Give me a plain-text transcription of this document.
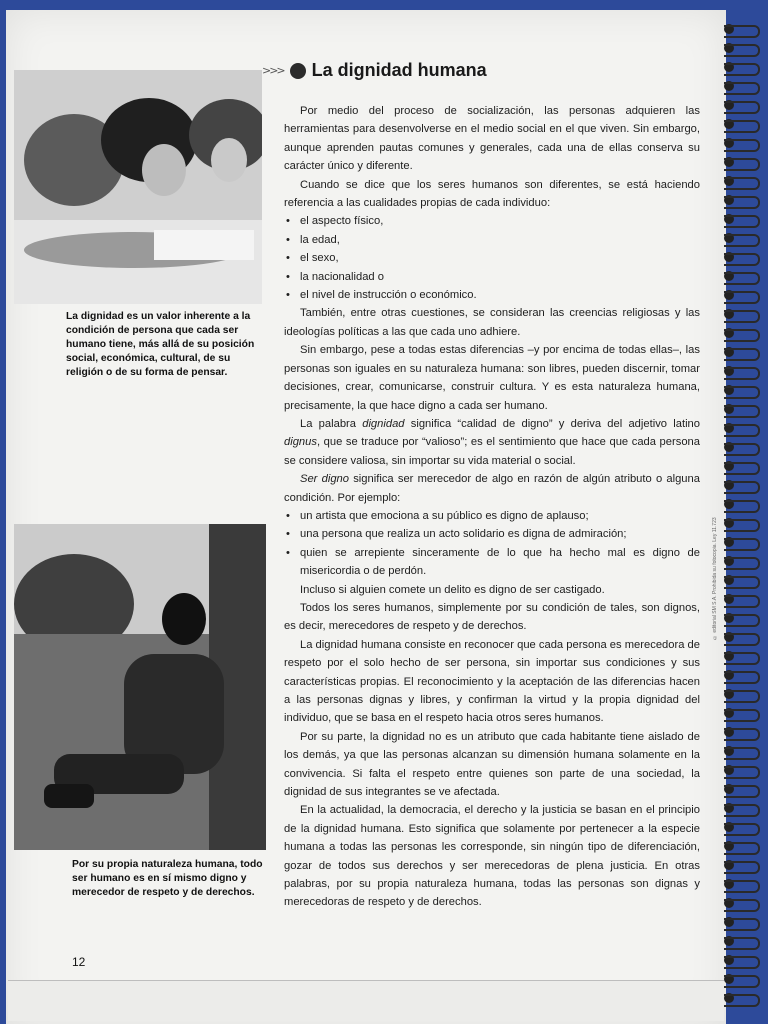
La dignidad es un valor inherente a la condición de persona que cada ser humano tiene, más allá de su posición social, económica, cultural, de su religión o de su forma de pensar.
Por su propia naturaleza humana, todo ser humano es en sí mismo digno y merecedor de respeto y de derechos.
>>> La dignidad humana

Por medio del proceso de socialización, las personas adquieren las herramientas para desenvolverse en el medio social en el que viven. Sin embargo, aunque aprenden pautas comunes y generales, cada una de ellas conserva su carácter único y diferente.

Cuando se dice que los seres humanos son diferentes, se está haciendo referencia a las cualidades propias de cada individuo:

• el aspecto físico,
• la edad,
• el sexo,
• la nacionalidad o
• el nivel de instrucción o económico.

También, entre otras cuestiones, se consideran las creencias religiosas y las ideologías políticas a las que cada uno adhiere.

Sin embargo, pese a todas estas diferencias –y por encima de todas ellas–, las personas son iguales en su naturaleza humana: son libres, pueden discernir, tomar decisiones, crear, comunicarse, construir cultura. Y es esta naturaleza humana, precisamente, la que hace digno a cada ser humano.

La palabra dignidad significa “calidad de digno” y deriva del adjetivo latino dignus, que se traduce por “valioso”; es el sentimiento que hace que cada persona se considere valiosa, sin importar su vida material o social.

Ser digno significa ser merecedor de algo en razón de algún atributo o alguna condición. Por ejemplo:

• un artista que emociona a su público es digno de aplauso;
• una persona que realiza un acto solidario es digna de admiración;
• quien se arrepiente sinceramente de lo que ha hecho mal es digno de misericordia o de perdón.

Incluso si alguien comete un delito es digno de ser castigado.

Todos los seres humanos, simplemente por su condición de tales, son dignos, es decir, merecedores de respeto y de derechos.

La dignidad humana consiste en reconocer que cada persona es merecedora de respeto por el solo hecho de ser persona, sin importar sus condiciones y sus características propias. El reconocimiento y la aceptación de las diferencias hacen a las personas dignas y libres, y confirman la virtud y la propia dignidad del individuo, que se basa en el respeto hacia otros seres humanos.

Por su parte, la dignidad no es un atributo que cada habitante tiene aislado de los demás, ya que las personas alcanzan su dimensión humana solamente en la convivencia. Si falta el respeto entre quienes son parte de una sociedad, la dignidad de sus integrantes se ve afectada.

En la actualidad, la democracia, el derecho y la justicia se basan en el principio de la dignidad humana. Esto significa que solamente por pertenecer a la especie humana a todas las personas les corresponde, sin ningún tipo de diferenciación, gozar de todos sus derechos y ser merecedoras de plena justicia. En otras palabras, por su propia naturaleza humana, todas las personas son dignas y merecedoras de respeto y de derechos.

© editorial SM S.A. Prohibida su fotocopia. Ley 11.723
12
